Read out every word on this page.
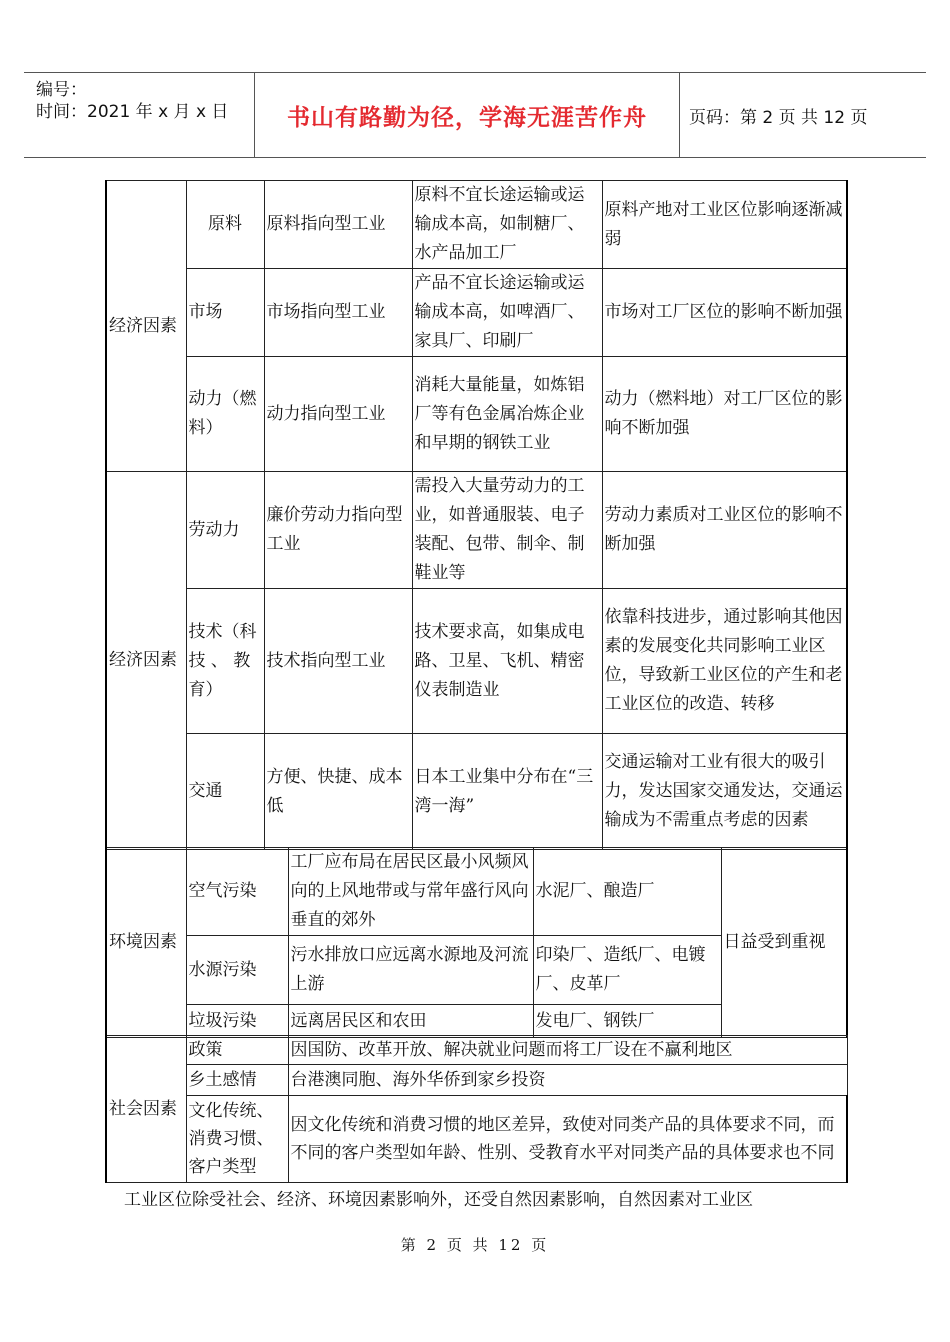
编号：
时间：2021 年 x 月 x 日	书山有路勤为径，学海无涯苦作舟	页码：第 2 页 共 12 页
经济因素	原料	原料指向型工业	原料不宜长途运输或运输成本高，如制糖厂、水产品加工厂	原料产地对工业区位影响逐渐减弱
	市场	市场指向型工业	产品不宜长途运输或运输成本高，如啤酒厂、家具厂、印刷厂	市场对工厂区位的影响不断加强
	动力（燃料）	动力指向型工业	消耗大量能量，如炼铝厂等有色金属冶炼企业和早期的钢铁工业	动力（燃料地）对工厂区位的影响不断加强
经济因素	劳动力	廉价劳动力指向型工业	需投入大量劳动力的工业，如普通服装、电子装配、包带、制伞、制鞋业等	劳动力素质对工业区位的影响不断加强
	技术（科技 、 教育）	技术指向型工业	技术要求高，如集成电路、卫星、飞机、精密仪表制造业	依靠科技进步，通过影响其他因素的发展变化共同影响工业区位，导致新工业区位的产生和老工业区位的改造、转移
	交通	方便、快捷、成本低	日本工业集中分布在“三湾一海”	交通运输对工业有很大的吸引力，发达国家交通发达，交通运输成为不需重点考虑的因素
环境因素	空气污染	工厂应布局在居民区最小风频风向的上风地带或与常年盛行风向垂直的郊外	水泥厂、酿造厂	日益受到重视
	水源污染	污水排放口应远离水源地及河流上游	印染厂、造纸厂、电镀厂、皮革厂	
	垃圾污染	远离居民区和农田	发电厂、钢铁厂	
社会因素	政策	因国防、改革开放、解决就业问题而将工厂设在不赢利地区
	乡土感情	台港澳同胞、海外华侨到家乡投资
	文化传统、消费习惯、客户类型	因文化传统和消费习惯的地区差异，致使对同类产品的具体要求不同，而不同的客户类型如年龄、性别、受教育水平对同类产品的具体要求也不同
工业区位除受社会、经济、环境因素影响外，还受自然因素影响，自然因素对工业区
第 2 页 共 12 页
